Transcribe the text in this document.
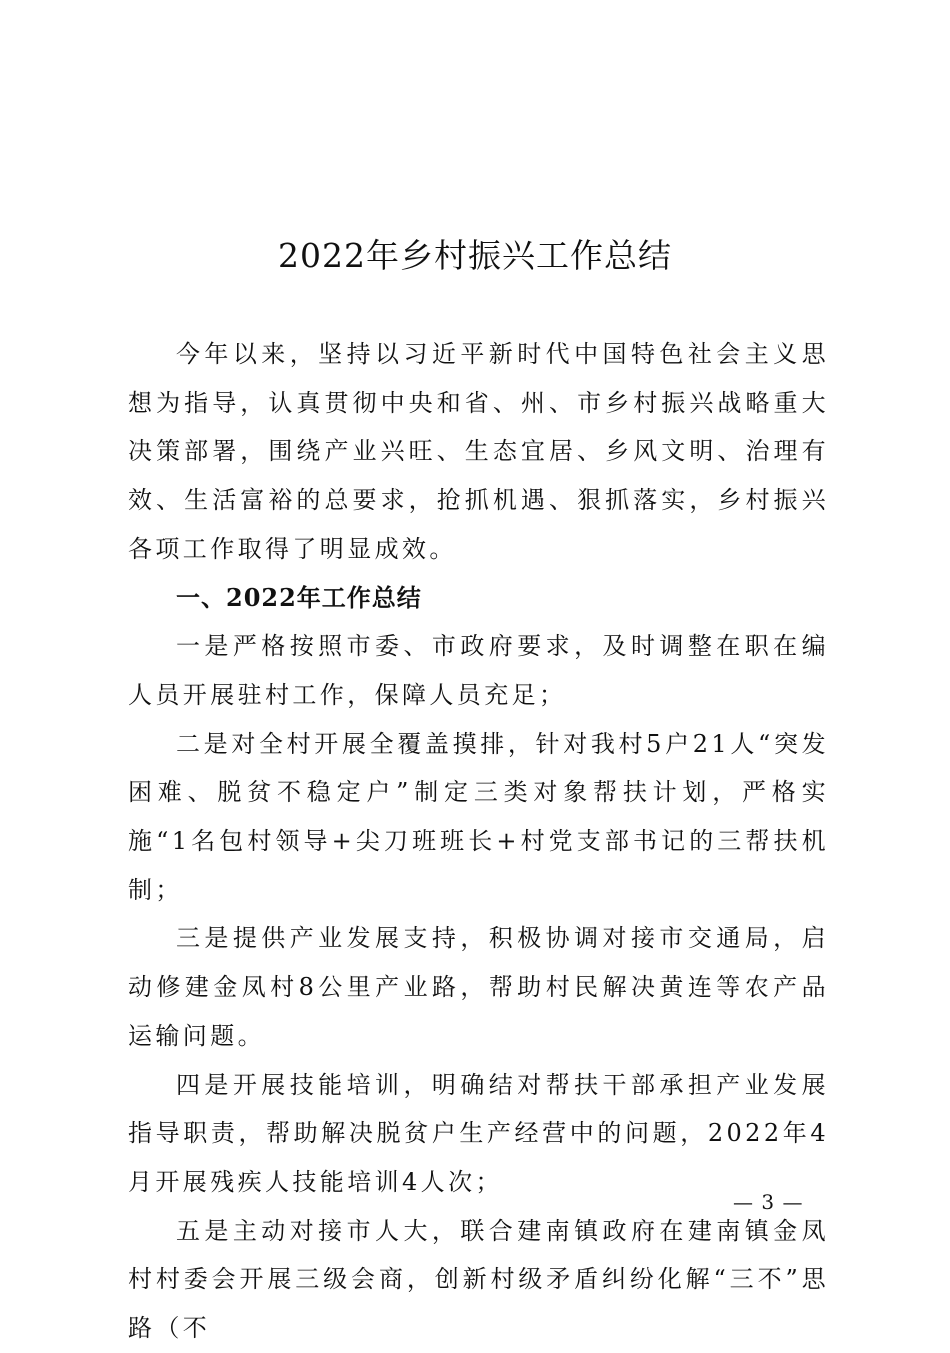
2022年乡村振兴工作总结

今年以来，坚持以习近平新时代中国特色社会主义思想为指导，认真贯彻中央和省、州、市乡村振兴战略重大决策部署，围绕产业兴旺、生态宜居、乡风文明、治理有效、生活富裕的总要求，抢抓机遇、狠抓落实，乡村振兴各项工作取得了明显成效。

一、2022年工作总结

一是严格按照市委、市政府要求，及时调整在职在编人员开展驻村工作，保障人员充足；

二是对全村开展全覆盖摸排，针对我村5户21人“突发困难、脱贫不稳定户”制定三类对象帮扶计划，严格实施“1名包村领导+尖刀班班长+村党支部书记的三帮扶机制；

三是提供产业发展支持，积极协调对接市交通局，启动修建金凤村8公里产业路，帮助村民解决黄连等农产品运输问题。

四是开展技能培训，明确结对帮扶干部承担产业发展指导职责，帮助解决脱贫户生产经营中的问题，2022年4月开展残疾人技能培训4人次；

五是主动对接市人大，联合建南镇政府在建南镇金凤村村委会开展三级会商，创新村级矛盾纠纷化解“三不”思路（不

— 3 —
